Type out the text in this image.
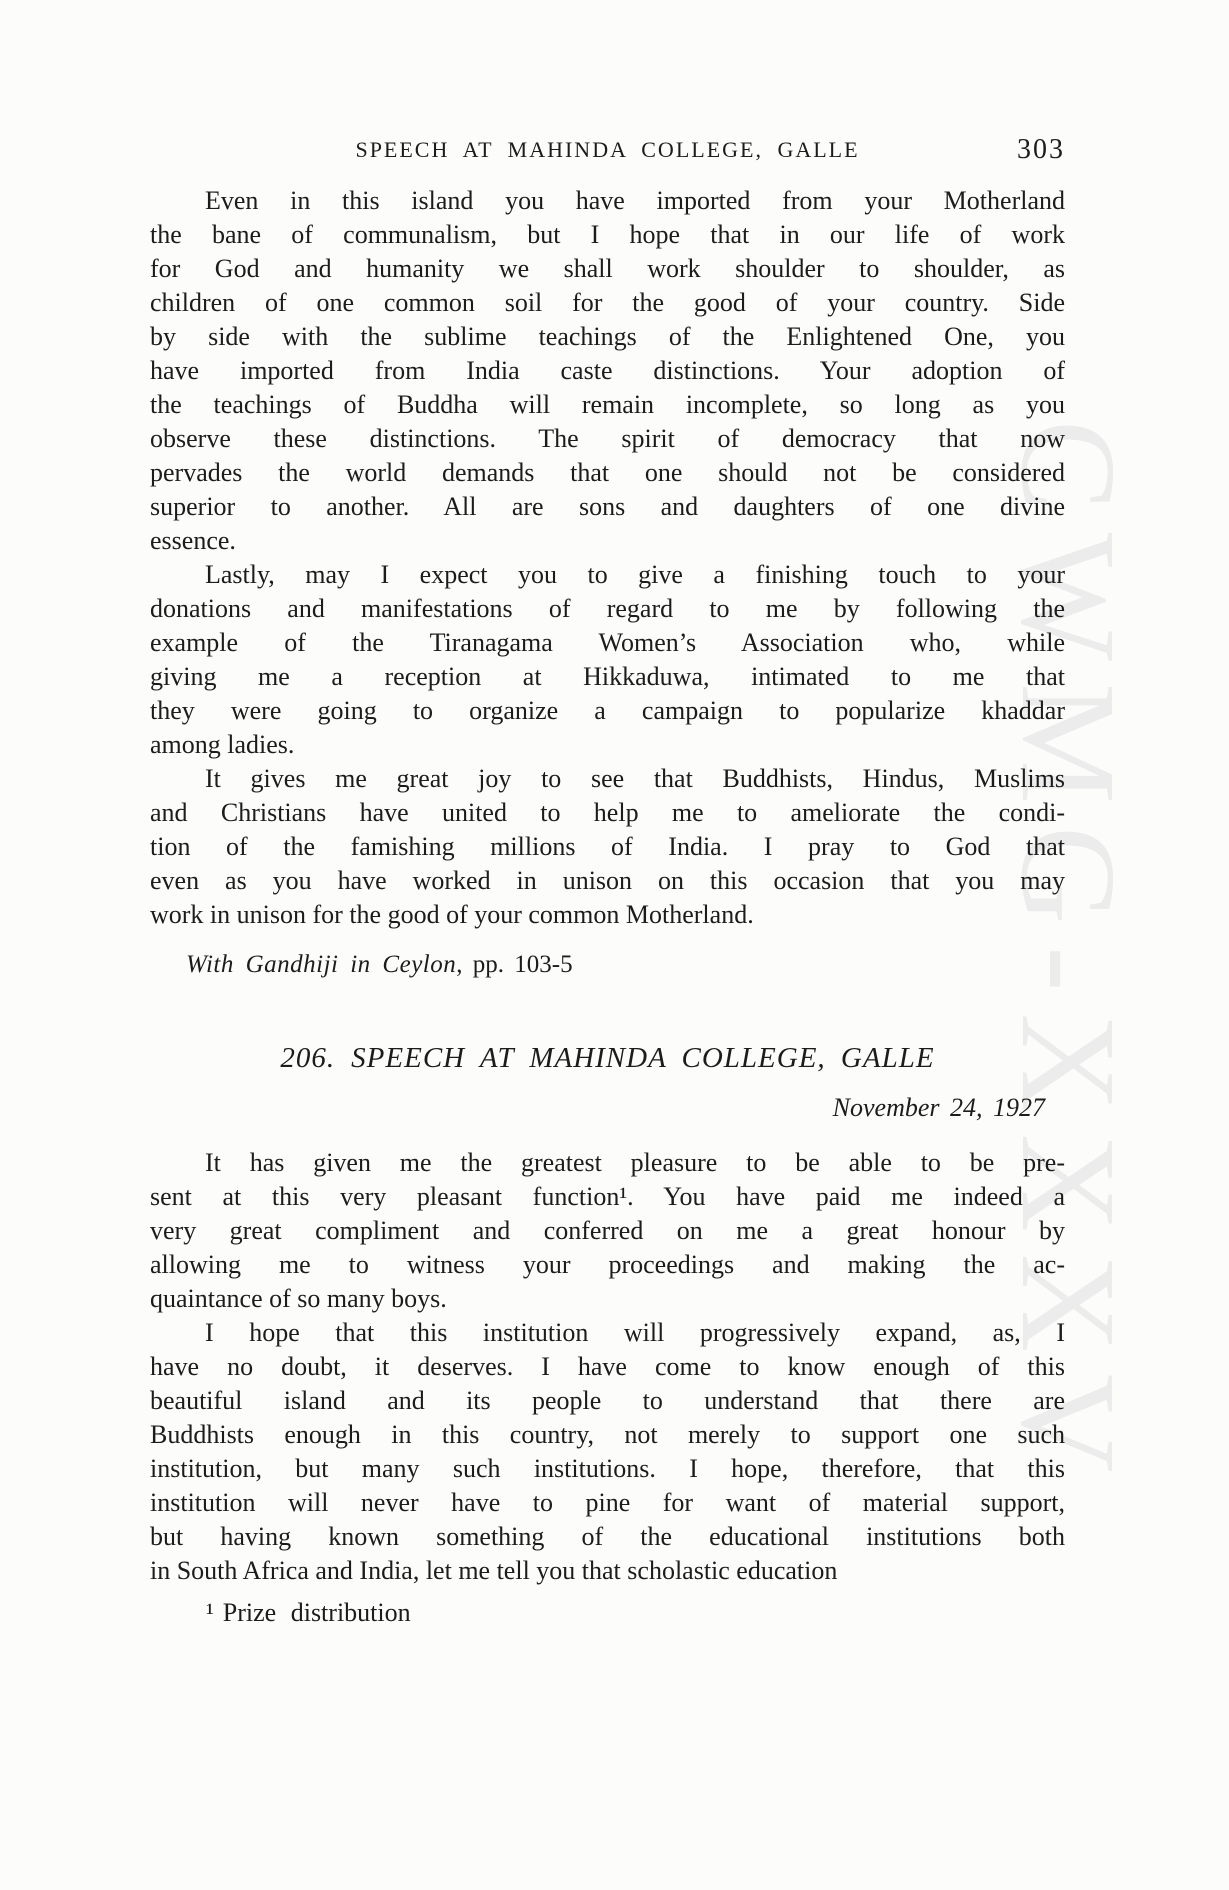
CWMG-XXXV
SPEECH AT MAHINDA COLLEGE, GALLE	303
Even in this island you have imported from your Motherland
the bane of communalism, but I hope that in our life of work
for God and humanity we shall work shoulder to shoulder, as
children of one common soil for the good of your country. Side
by side with the sublime teachings of the Enlightened One, you
have imported from India caste distinctions. Your adoption of
the teachings of Buddha will remain incomplete, so long as you
observe these distinctions. The spirit of democracy that now
pervades the world demands that one should not be considered
superior to another. All are sons and daughters of one divine
essence.
Lastly, may I expect you to give a finishing touch to your
donations and manifestations of regard to me by following the
example of the Tiranagama Women’s Association who, while
giving me a reception at Hikkaduwa, intimated to me that
they were going to organize a campaign to popularize khaddar
among ladies.
It gives me great joy to see that Buddhists, Hindus, Muslims
and Christians have united to help me to ameliorate the condi-
tion of the famishing millions of India. I pray to God that
even as you have worked in unison on this occasion that you may
work in unison for the good of your common Motherland.
With Gandhiji in Ceylon, pp. 103-5
206. SPEECH AT MAHINDA COLLEGE, GALLE
November 24, 1927
It has given me the greatest pleasure to be able to be pre-
sent at this very pleasant function¹. You have paid me indeed a
very great compliment and conferred on me a great honour by
allowing me to witness your proceedings and making the ac-
quaintance of so many boys.
I hope that this institution will progressively expand, as, I
have no doubt, it deserves. I have come to know enough of this
beautiful island and its people to understand that there are
Buddhists enough in this country, not merely to support one such
institution, but many such institutions. I hope, therefore, that this
institution will never have to pine for want of material support,
but having known something of the educational institutions both
in South Africa and India, let me tell you that scholastic education
¹ Prize distribution
